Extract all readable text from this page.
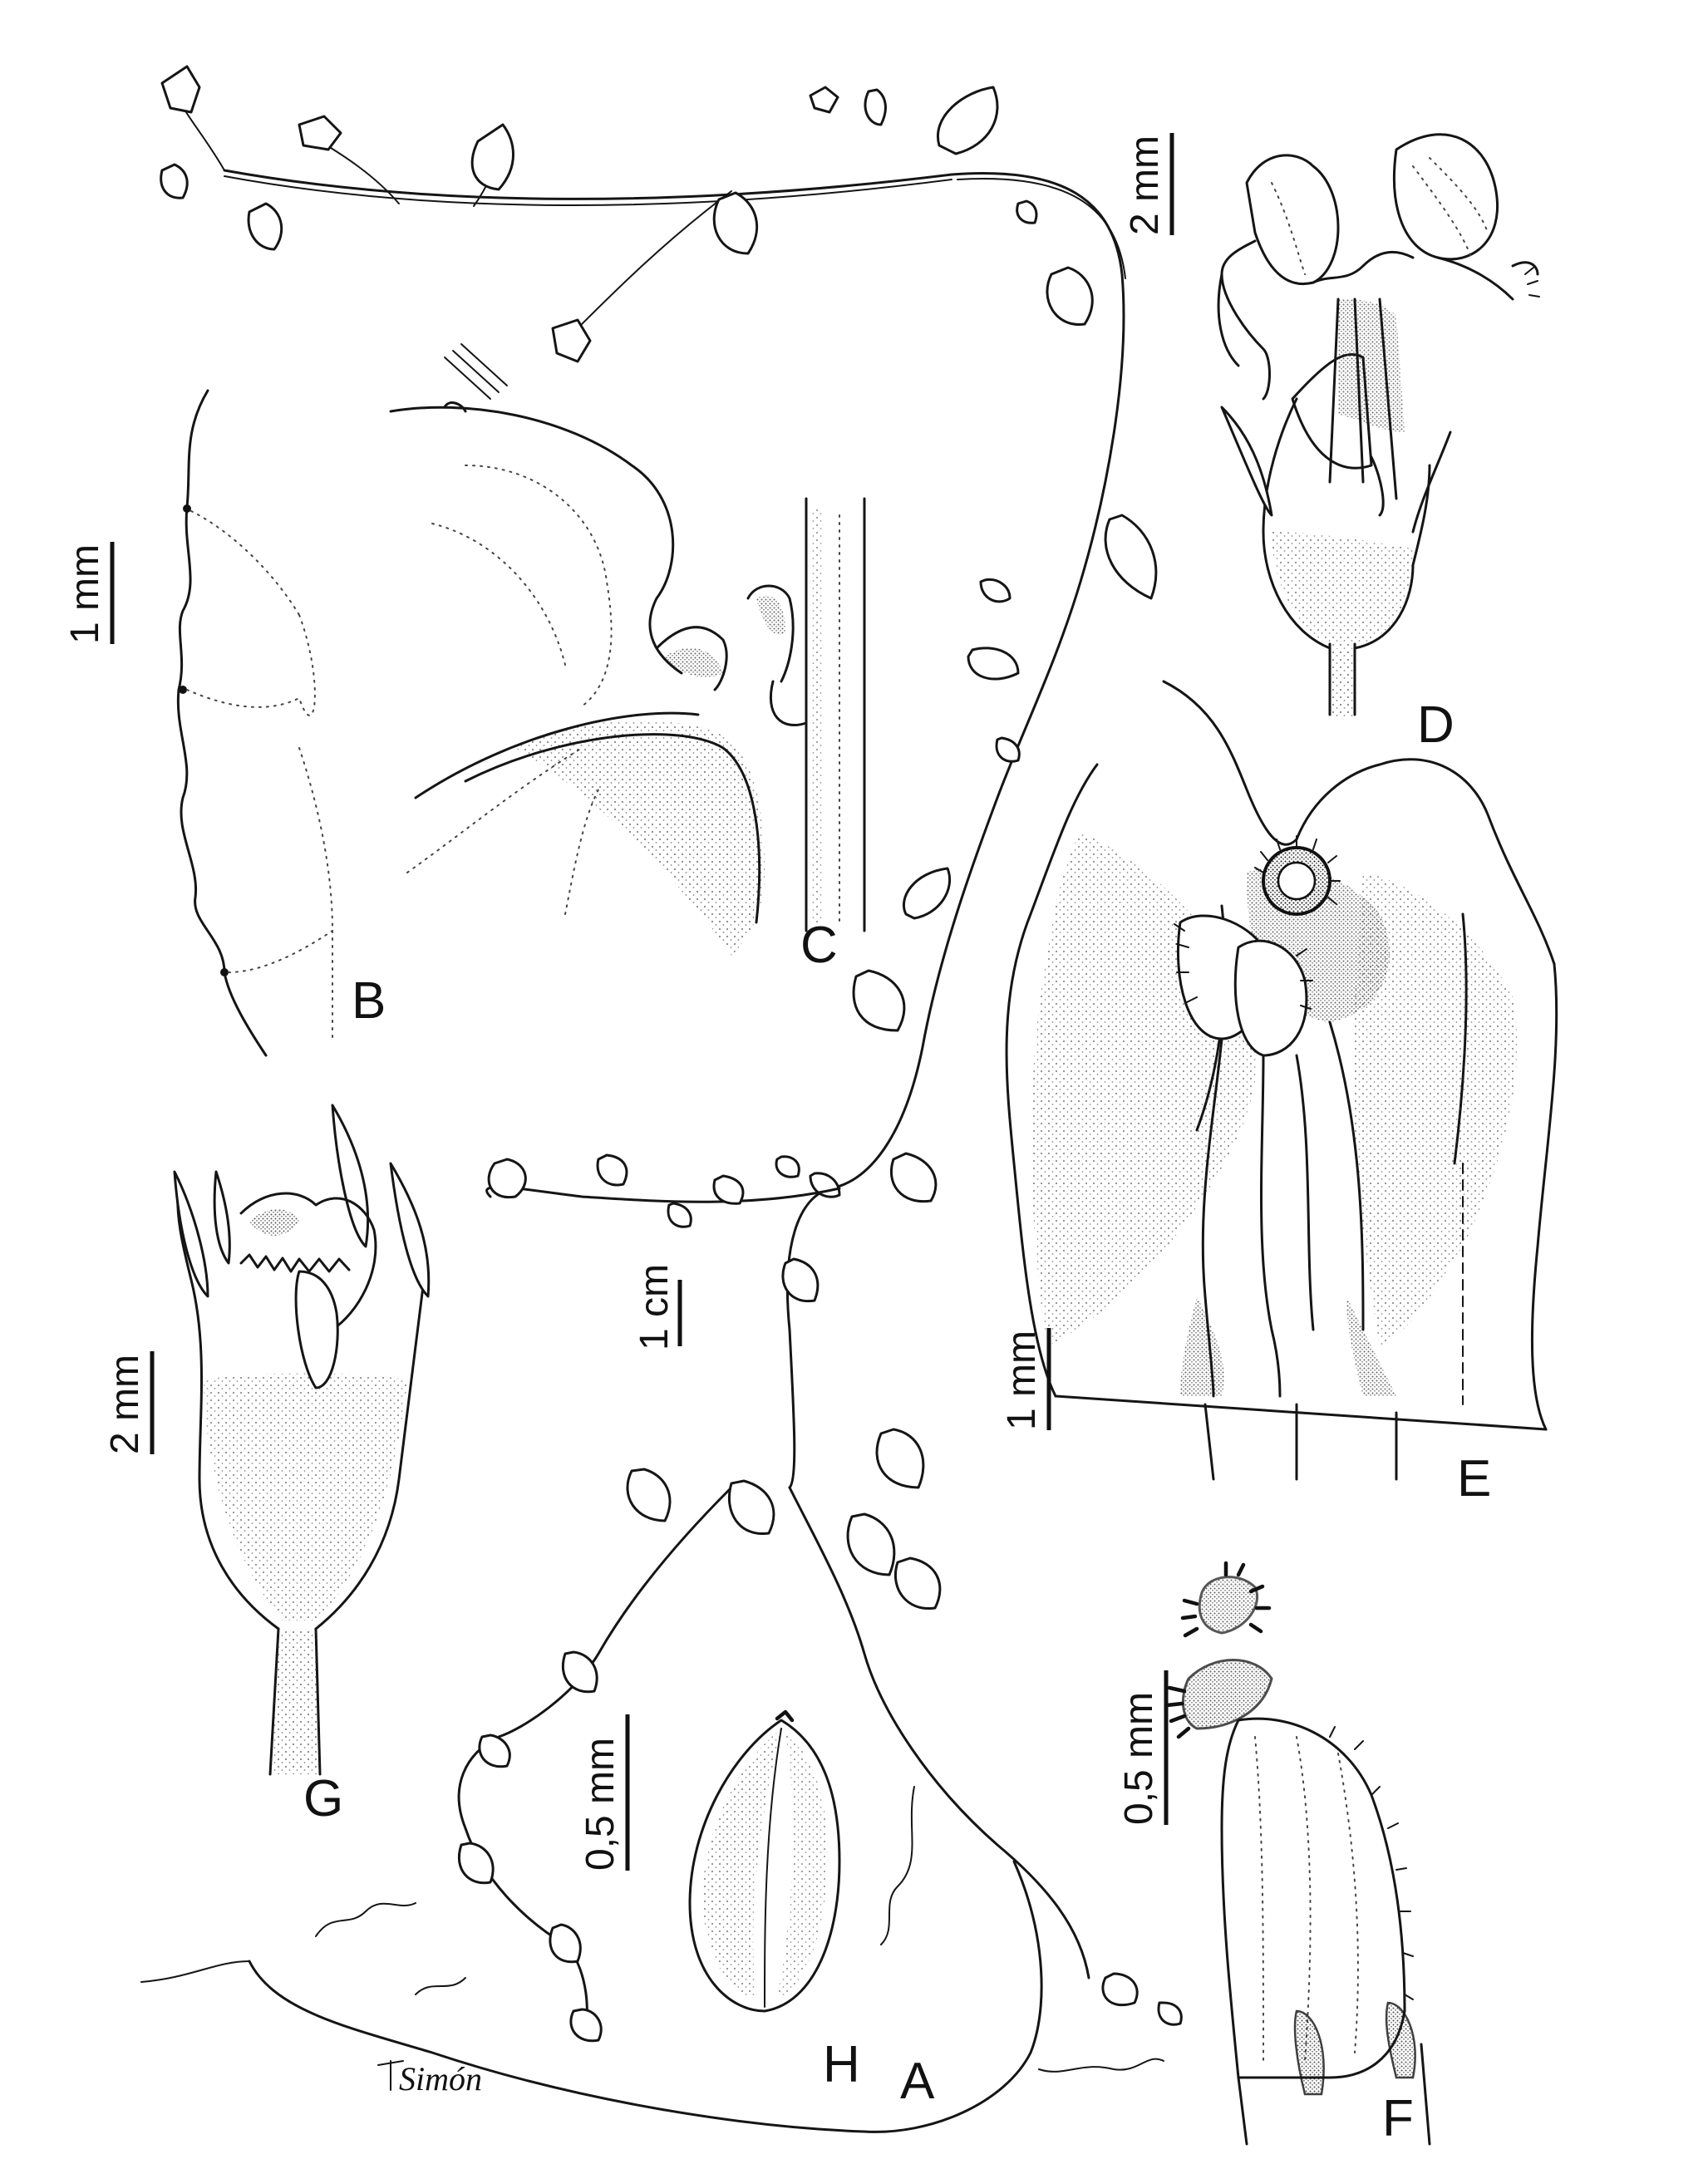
Simón	A
1 cm
B
1 mm
C
D
2 mm
E
1 mm
G
2 mm
H
0,5 mm
F
0,5 mm
